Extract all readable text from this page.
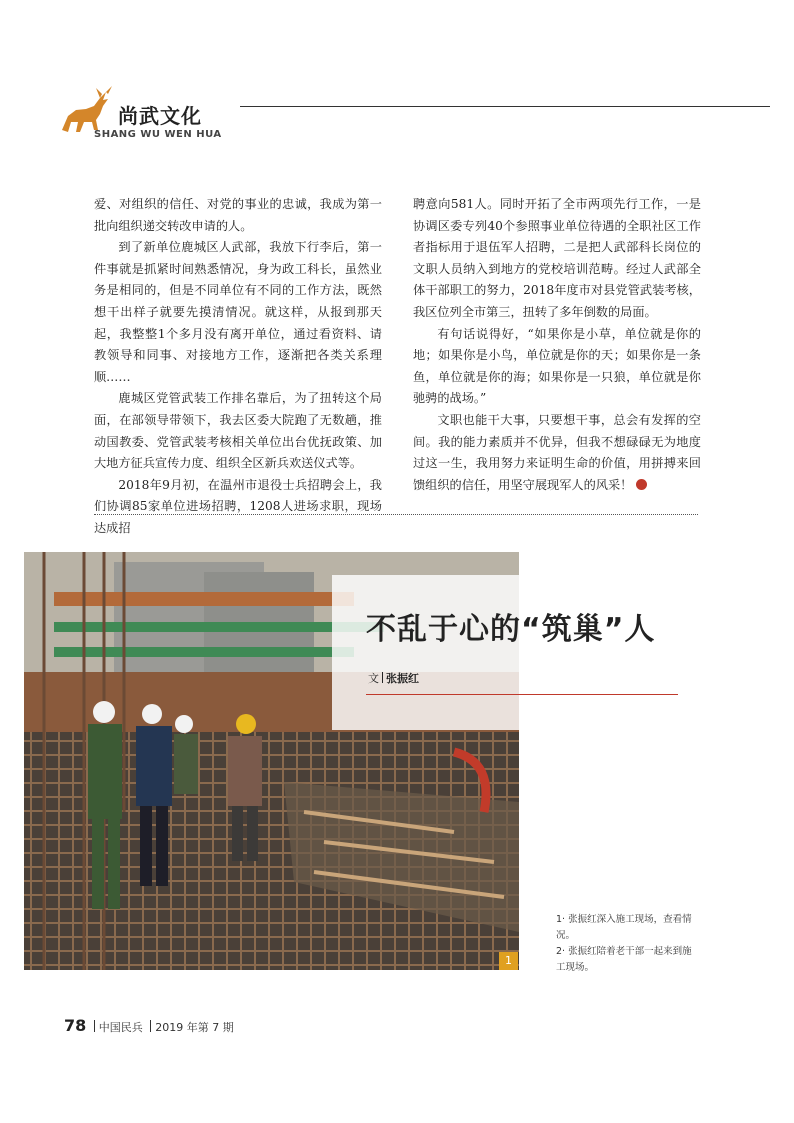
尚武文化
SHANG WU WEN HUA

爱、对组织的信任、对党的事业的忠诚，我成为第一批向组织递交转改申请的人。

到了新单位鹿城区人武部，我放下行李后，第一件事就是抓紧时间熟悉情况，身为政工科长，虽然业务是相同的，但是不同单位有不同的工作方法，既然想干出样子就要先摸清情况。就这样，从报到那天起，我整整1个多月没有离开单位，通过看资料、请教领导和同事、对接地方工作，逐渐把各类关系理顺……

鹿城区党管武装工作排名靠后，为了扭转这个局面，在部领导带领下，我去区委大院跑了无数趟，推动国教委、党管武装考核相关单位出台优抚政策、加大地方征兵宣传力度、组织全区新兵欢送仪式等。

2018年9月初，在温州市退役士兵招聘会上，我们协调85家单位进场招聘，1208人进场求职，现场达成招

聘意向581人。同时开拓了全市两项先行工作，一是协调区委专列40个参照事业单位待遇的全职社区工作者指标用于退伍军人招聘，二是把人武部科长岗位的文职人员纳入到地方的党校培训范畴。经过人武部全体干部职工的努力，2018年度市对县党管武装考核，我区位列全市第三，扭转了多年倒数的局面。

有句话说得好，“如果你是小草，单位就是你的地；如果你是小鸟，单位就是你的天；如果你是一条鱼，单位就是你的海；如果你是一只狼，单位就是你驰骋的战场。”

文职也能干大事，只要想干事，总会有发挥的空间。我的能力素质并不优异，但我不想碌碌无为地度过这一生，我用努力来证明生命的价值，用拼搏来回馈组织的信任，用坚守展现军人的风采！

1
不乱于心的“筑巢”人
文 张振红

1· 张振红深入施工现场，查看情况。

2· 张振红陪着老干部一起来到施工现场。

78 中国民兵 2019 年第 7 期
